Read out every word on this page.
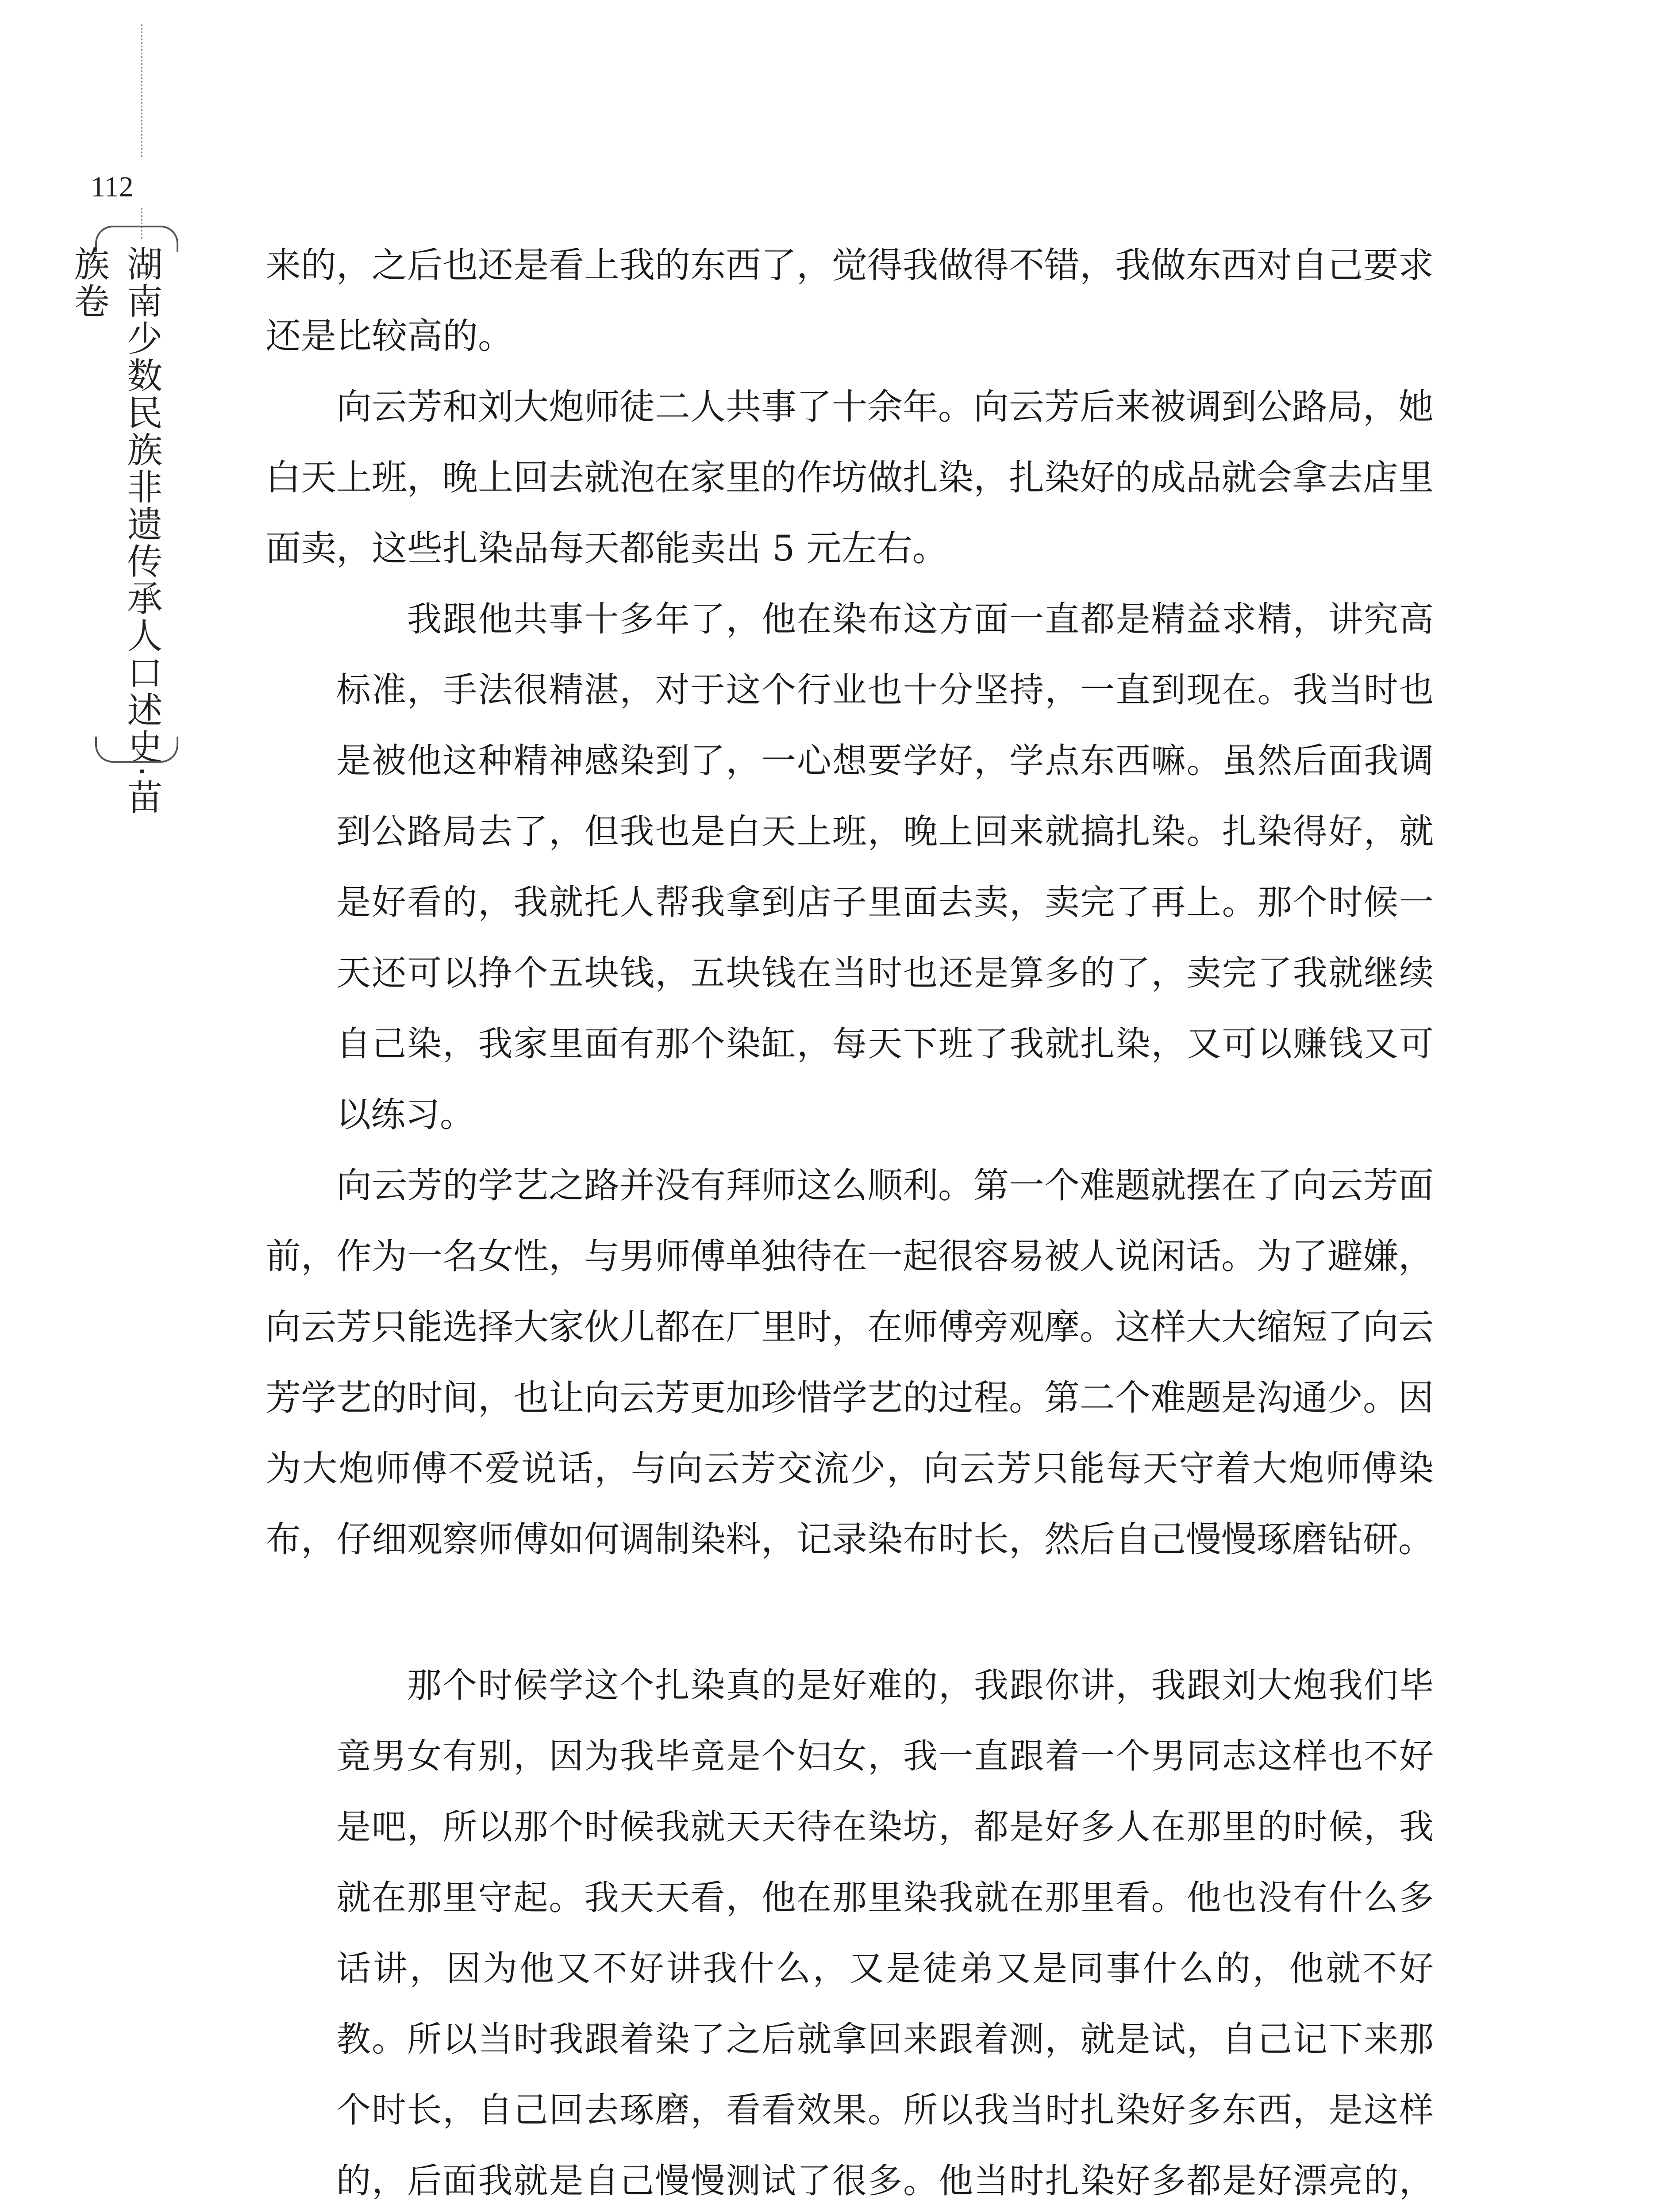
112
湖南少数民族非遗传承人口述史·苗族卷	来的，之后也还是看上我的东西了，觉得我做得不错，我做东西对自己要求还是比较高的。

向云芳和刘大炮师徒二人共事了十余年。向云芳后来被调到公路局，她白天上班，晚上回去就泡在家里的作坊做扎染，扎染好的成品就会拿去店里面卖，这些扎染品每天都能卖出 5 元左右。

我跟他共事十多年了，他在染布这方面一直都是精益求精，讲究高标准，手法很精湛，对于这个行业也十分坚持，一直到现在。我当时也是被他这种精神感染到了，一心想要学好，学点东西嘛。虽然后面我调到公路局去了，但我也是白天上班，晚上回来就搞扎染。扎染得好，就是好看的，我就托人帮我拿到店子里面去卖，卖完了再上。那个时候一天还可以挣个五块钱，五块钱在当时也还是算多的了，卖完了我就继续自己染，我家里面有那个染缸，每天下班了我就扎染，又可以赚钱又可以练习。

向云芳的学艺之路并没有拜师这么顺利。第一个难题就摆在了向云芳面前，作为一名女性，与男师傅单独待在一起很容易被人说闲话。为了避嫌，向云芳只能选择大家伙儿都在厂里时，在师傅旁观摩。这样大大缩短了向云芳学艺的时间，也让向云芳更加珍惜学艺的过程。第二个难题是沟通少。因为大炮师傅不爱说话，与向云芳交流少，向云芳只能每天守着大炮师傅染布，仔细观察师傅如何调制染料，记录染布时长，然后自己慢慢琢磨钻研。

那个时候学这个扎染真的是好难的，我跟你讲，我跟刘大炮我们毕竟男女有别，因为我毕竟是个妇女，我一直跟着一个男同志这样也不好是吧，所以那个时候我就天天待在染坊，都是好多人在那里的时候，我就在那里守起。我天天看，他在那里染我就在那里看。他也没有什么多话讲，因为他又不好讲我什么，又是徒弟又是同事什么的，他就不好教。所以当时我跟着染了之后就拿回来跟着测，就是试，自己记下来那个时长，自己回去琢磨，看看效果。所以我当时扎染好多东西，是这样的，后面我就是自己慢慢测试了很多。他当时扎染好多都是好漂亮的，
